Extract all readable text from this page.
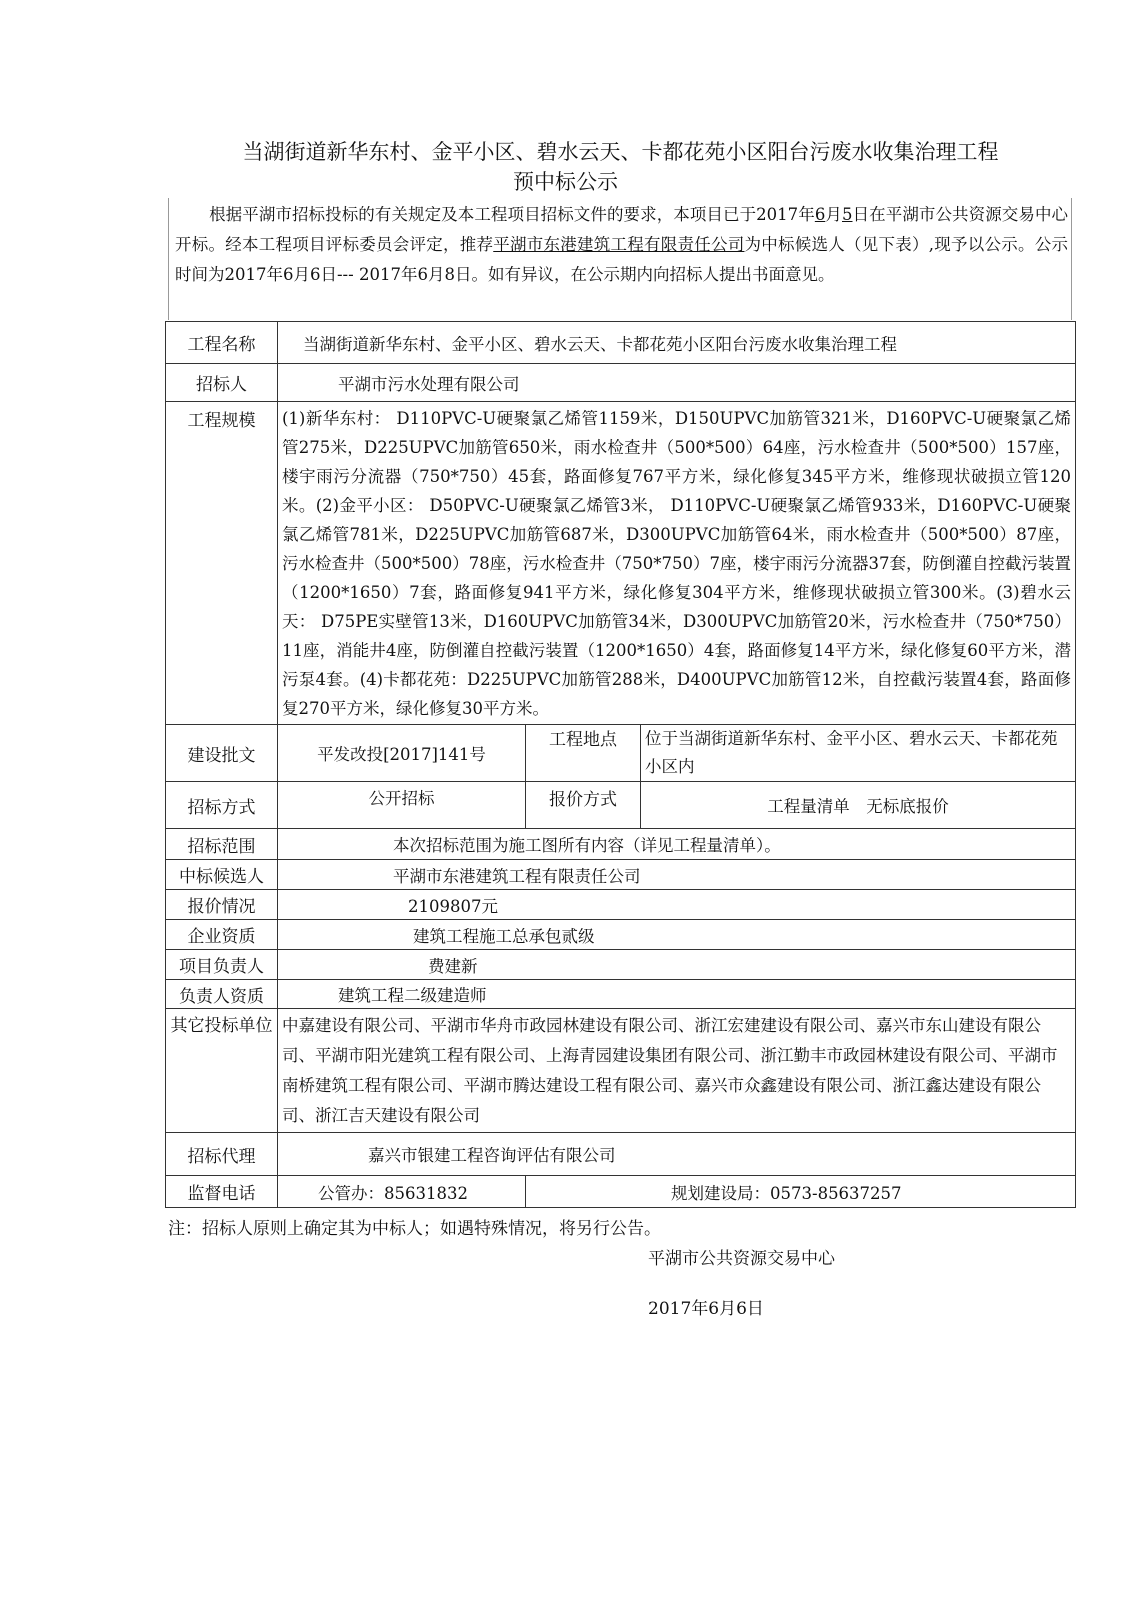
当湖街道新华东村、金平小区、碧水云天、卡都花苑小区阳台污废水收集治理工程
预中标公示
根据平湖市招标投标的有关规定及本工程项目招标文件的要求，本项目已于2017年6月5日在平湖市公共资源交易中心开标。经本工程项目评标委员会评定，推荐平湖市东港建筑工程有限责任公司为中标候选人（见下表）,现予以公示。公示时间为2017年6月6日--- 2017年6月8日。如有异议，在公示期内向招标人提出书面意见。
工程名称	当湖街道新华东村、金平小区、碧水云天、卡都花苑小区阳台污废水收集治理工程		
招标人	平湖市污水处理有限公司		
工程规模	(1)新华东村： D110PVC-U硬聚氯乙烯管1159米，D150UPVC加筋管321米，D160PVC-U硬聚氯乙烯管275米，D225UPVC加筋管650米，雨水检查井（500*500）64座，污水检查井（500*500）157座，楼宇雨污分流器（750*750）45套，路面修复767平方米，绿化修复345平方米，维修现状破损立管120米。(2)金平小区： D50PVC-U硬聚氯乙烯管3米， D110PVC-U硬聚氯乙烯管933米，D160PVC-U硬聚氯乙烯管781米，D225UPVC加筋管687米，D300UPVC加筋管64米，雨水检查井（500*500）87座，污水检查井（500*500）78座，污水检查井（750*750）7座，楼宇雨污分流器37套，防倒灌自控截污装置（1200*1650）7套，路面修复941平方米，绿化修复304平方米，维修现状破损立管300米。(3)碧水云天： D75PE实壁管13米，D160UPVC加筋管34米，D300UPVC加筋管20米，污水检查井（750*750）11座，消能井4座，防倒灌自控截污装置（1200*1650）4套，路面修复14平方米，绿化修复60平方米，潜污泵4套。(4)卡都花苑：D225UPVC加筋管288米，D400UPVC加筋管12米，自控截污装置4套，路面修复270平方米，绿化修复30平方米。		
建设批文	平发改投[2017]141号	工程地点	位于当湖街道新华东村、金平小区、碧水云天、卡都花苑小区内
招标方式	公开招标	报价方式	工程量清单　无标底报价
招标范围	本次招标范围为施工图所有内容（详见工程量清单）。		
中标候选人	平湖市东港建筑工程有限责任公司		
报价情况	2109807元		
企业资质	建筑工程施工总承包贰级		
项目负责人	费建新		
负责人资质	建筑工程二级建造师		
其它投标单位	中嘉建设有限公司、平湖市华舟市政园林建设有限公司、浙江宏建建设有限公司、嘉兴市东山建设有限公司、平湖市阳光建筑工程有限公司、上海青园建设集团有限公司、浙江勤丰市政园林建设有限公司、平湖市南桥建筑工程有限公司、平湖市腾达建设工程有限公司、嘉兴市众鑫建设有限公司、浙江鑫达建设有限公司、浙江吉天建设有限公司		
招标代理	嘉兴市银建工程咨询评估有限公司		
监督电话	公管办：85631832	规划建设局：0573-85637257	
注：招标人原则上确定其为中标人；如遇特殊情况，将另行公告。
平湖市公共资源交易中心
2017年6月6日
